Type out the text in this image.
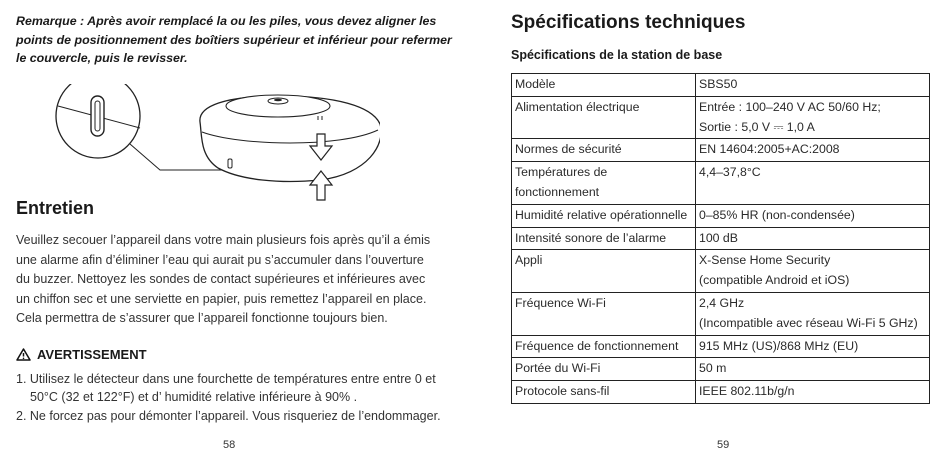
Remarque : Après avoir remplacé la ou les piles, vous devez aligner les points de positionnement des boîtiers supérieur et inférieur pour refermer le couvercle, puis le revisser.

Entretien

Veuillez secouer l’appareil dans votre main plusieurs fois après qu’il a émis une alarme afin d’éliminer l’eau qui aurait pu s’accumuler dans l’ouverture du buzzer. Nettoyez les sondes de contact supérieures et inférieures avec un chiffon sec et une serviette en papier, puis remettez l’appareil en place. Cela permettra de s’assurer que l’appareil fonctionne toujours bien.

AVERTISSEMENT
1. Utilisez le détecteur dans une fourchette de températures entre entre 0 et 50°C (32 et 122°F) et d’ humidité relative inférieure à 90% .
2. Ne forcez pas pour démonter l’appareil. Vous risqueriez de l’endommager.
58
Spécifications techniques
Spécifications de la station de base
Modèle	SBS50

Alimentation électrique	Entrée : 100–240 V AC 50/60 Hz;
Sortie : 5,0 V ⎓ 1,0 A

Normes de sécurité	EN 14604:2005+AC:2008

Températures de fonctionnement	4,4–37,8°C

Humidité relative opérationnelle	0–85% HR (non-condensée)

Intensité sonore de l’alarme	100 dB

Appli	X-Sense Home Security
(compatible Android et iOS)

Fréquence Wi-Fi	2,4 GHz
(Incompatible avec réseau Wi-Fi 5 GHz)

Fréquence de fonctionnement	915 MHz (US)/868 MHz (EU)

Portée du Wi-Fi	50 m

Protocole sans-fil	IEEE 802.11b/g/n
59
